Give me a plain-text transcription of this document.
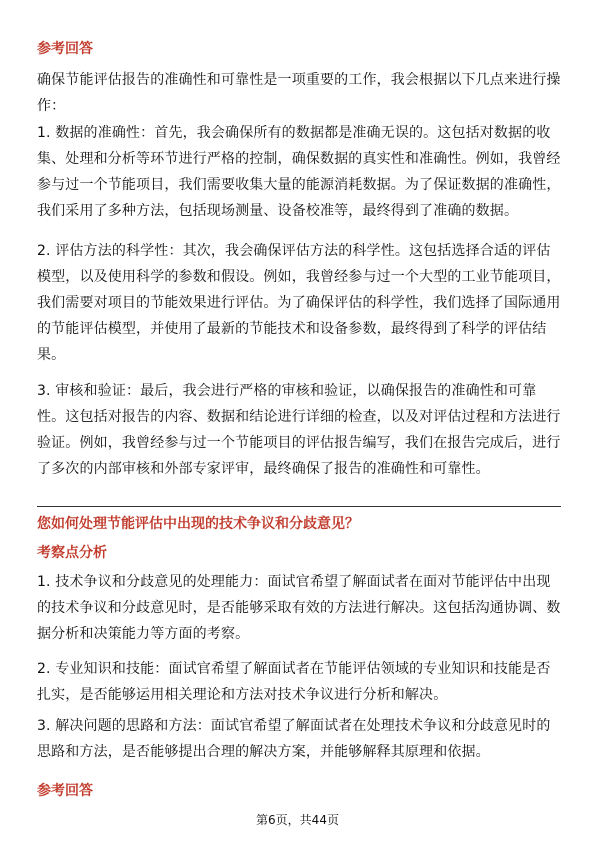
参考回答

确保节能评估报告的准确性和可靠性是一项重要的工作，我会根据以下几点来进行操作：

1. 数据的准确性：首先，我会确保所有的数据都是准确无误的。这包括对数据的收集、处理和分析等环节进行严格的控制，确保数据的真实性和准确性。例如，我曾经参与过一个节能项目，我们需要收集大量的能源消耗数据。为了保证数据的准确性，我们采用了多种方法，包括现场测量、设备校准等，最终得到了准确的数据。

2. 评估方法的科学性：其次，我会确保评估方法的科学性。这包括选择合适的评估模型，以及使用科学的参数和假设。例如，我曾经参与过一个大型的工业节能项目，我们需要对项目的节能效果进行评估。为了确保评估的科学性，我们选择了国际通用的节能评估模型，并使用了最新的节能技术和设备参数，最终得到了科学的评估结果。

3. 审核和验证：最后，我会进行严格的审核和验证，以确保报告的准确性和可靠性。这包括对报告的内容、数据和结论进行详细的检查，以及对评估过程和方法进行验证。例如，我曾经参与过一个节能项目的评估报告编写，我们在报告完成后，进行了多次的内部审核和外部专家评审，最终确保了报告的准确性和可靠性。

您如何处理节能评估中出现的技术争议和分歧意见？

考察点分析

1. 技术争议和分歧意见的处理能力：面试官希望了解面试者在面对节能评估中出现的技术争议和分歧意见时，是否能够采取有效的方法进行解决。这包括沟通协调、数据分析和决策能力等方面的考察。

2. 专业知识和技能：面试官希望了解面试者在节能评估领域的专业知识和技能是否扎实，是否能够运用相关理论和方法对技术争议进行分析和解决。

3. 解决问题的思路和方法：面试官希望了解面试者在处理技术争议和分歧意见时的思路和方法，是否能够提出合理的解决方案，并能够解释其原理和依据。

参考回答

第6页，共44页
